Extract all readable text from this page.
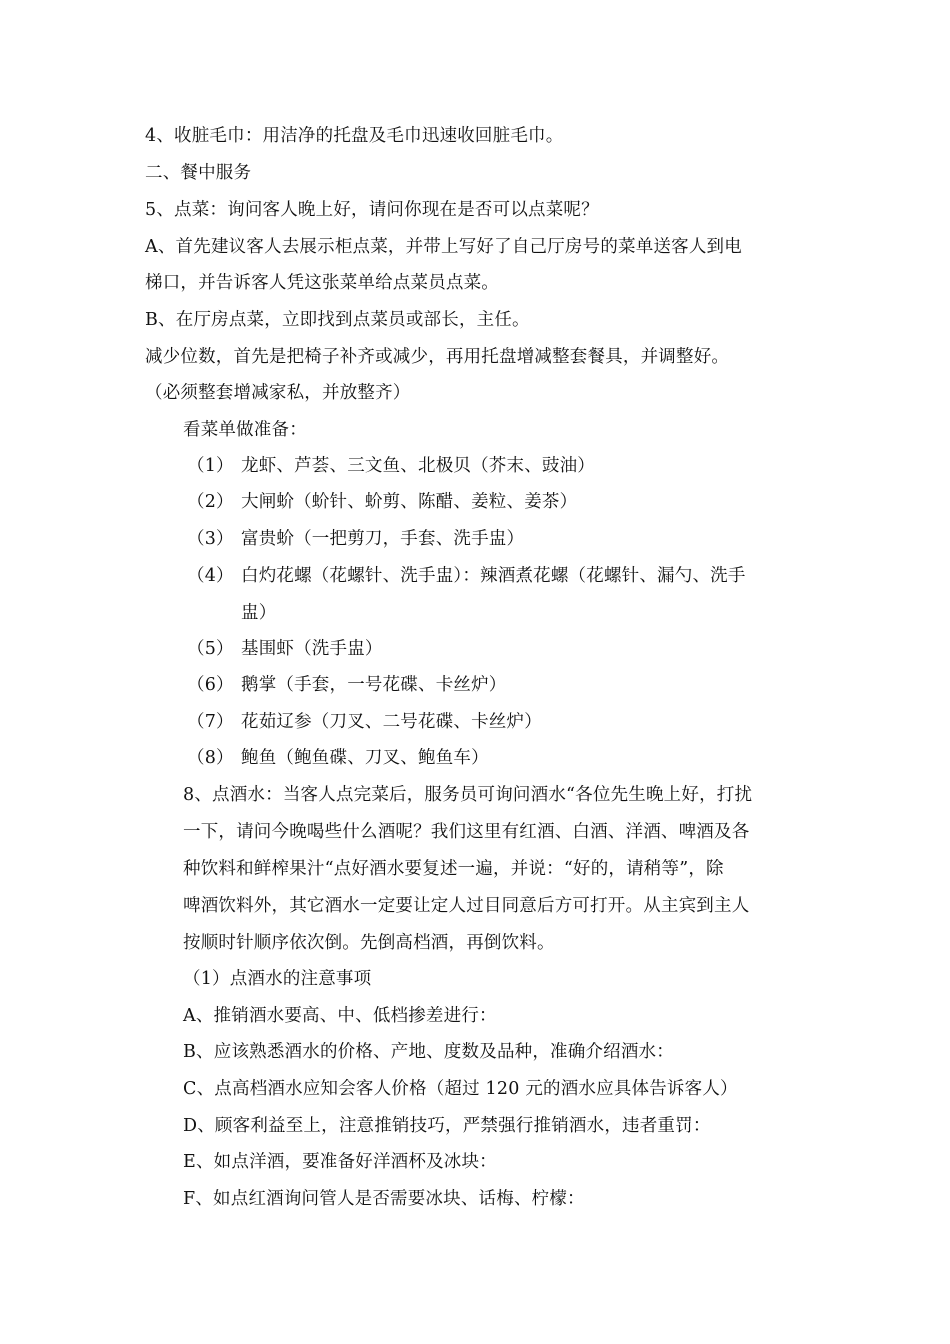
4、收脏毛巾：用洁净的托盘及毛巾迅速收回脏毛巾。
二、餐中服务
5、点菜：询问客人晚上好，请问你现在是否可以点菜呢？
A、首先建议客人去展示柜点菜，并带上写好了自己厅房号的菜单送客人到电
梯口，并告诉客人凭这张菜单给点菜员点菜。
B、在厅房点菜，立即找到点菜员或部长，主任。
减少位数，首先是把椅子补齐或减少，再用托盘增减整套餐具，并调整好。
（必须整套增减家私，并放整齐）
看菜单做准备：
（1） 龙虾、芦荟、三文鱼、北极贝（芥末、豉油）
（2） 大闸蚧（蚧针、蚧剪、陈醋、姜粒、姜茶）
（3） 富贵蚧（一把剪刀，手套、洗手盅）
（4） 白灼花螺（花螺针、洗手盅）：辣酒煮花螺（花螺针、漏勺、洗手
盅）
（5） 基围虾（洗手盅）
（6） 鹅掌（手套，一号花碟、卡丝炉）
（7） 花茹辽参（刀叉、二号花碟、卡丝炉）
（8） 鲍鱼（鲍鱼碟、刀叉、鲍鱼车）
8、点酒水：当客人点完菜后，服务员可询问酒水“各位先生晚上好，打扰
一下，请问今晚喝些什么酒呢？我们这里有红酒、白酒、洋酒、啤酒及各
种饮料和鲜榨果汁“点好酒水要复述一遍，并说：“好的，请稍等”，除
啤酒饮料外，其它酒水一定要让定人过目同意后方可打开。从主宾到主人
按顺时针顺序依次倒。先倒高档酒，再倒饮料。
（1）点酒水的注意事项
A、推销酒水要高、中、低档掺差进行：
B、应该熟悉酒水的价格、产地、度数及品种，准确介绍酒水：
C、点高档酒水应知会客人价格（超过 120 元的酒水应具体告诉客人）
D、顾客利益至上，注意推销技巧，严禁强行推销酒水，违者重罚：
E、如点洋酒，要准备好洋酒杯及冰块：
F、如点红酒询问管人是否需要冰块、话梅、柠檬：
